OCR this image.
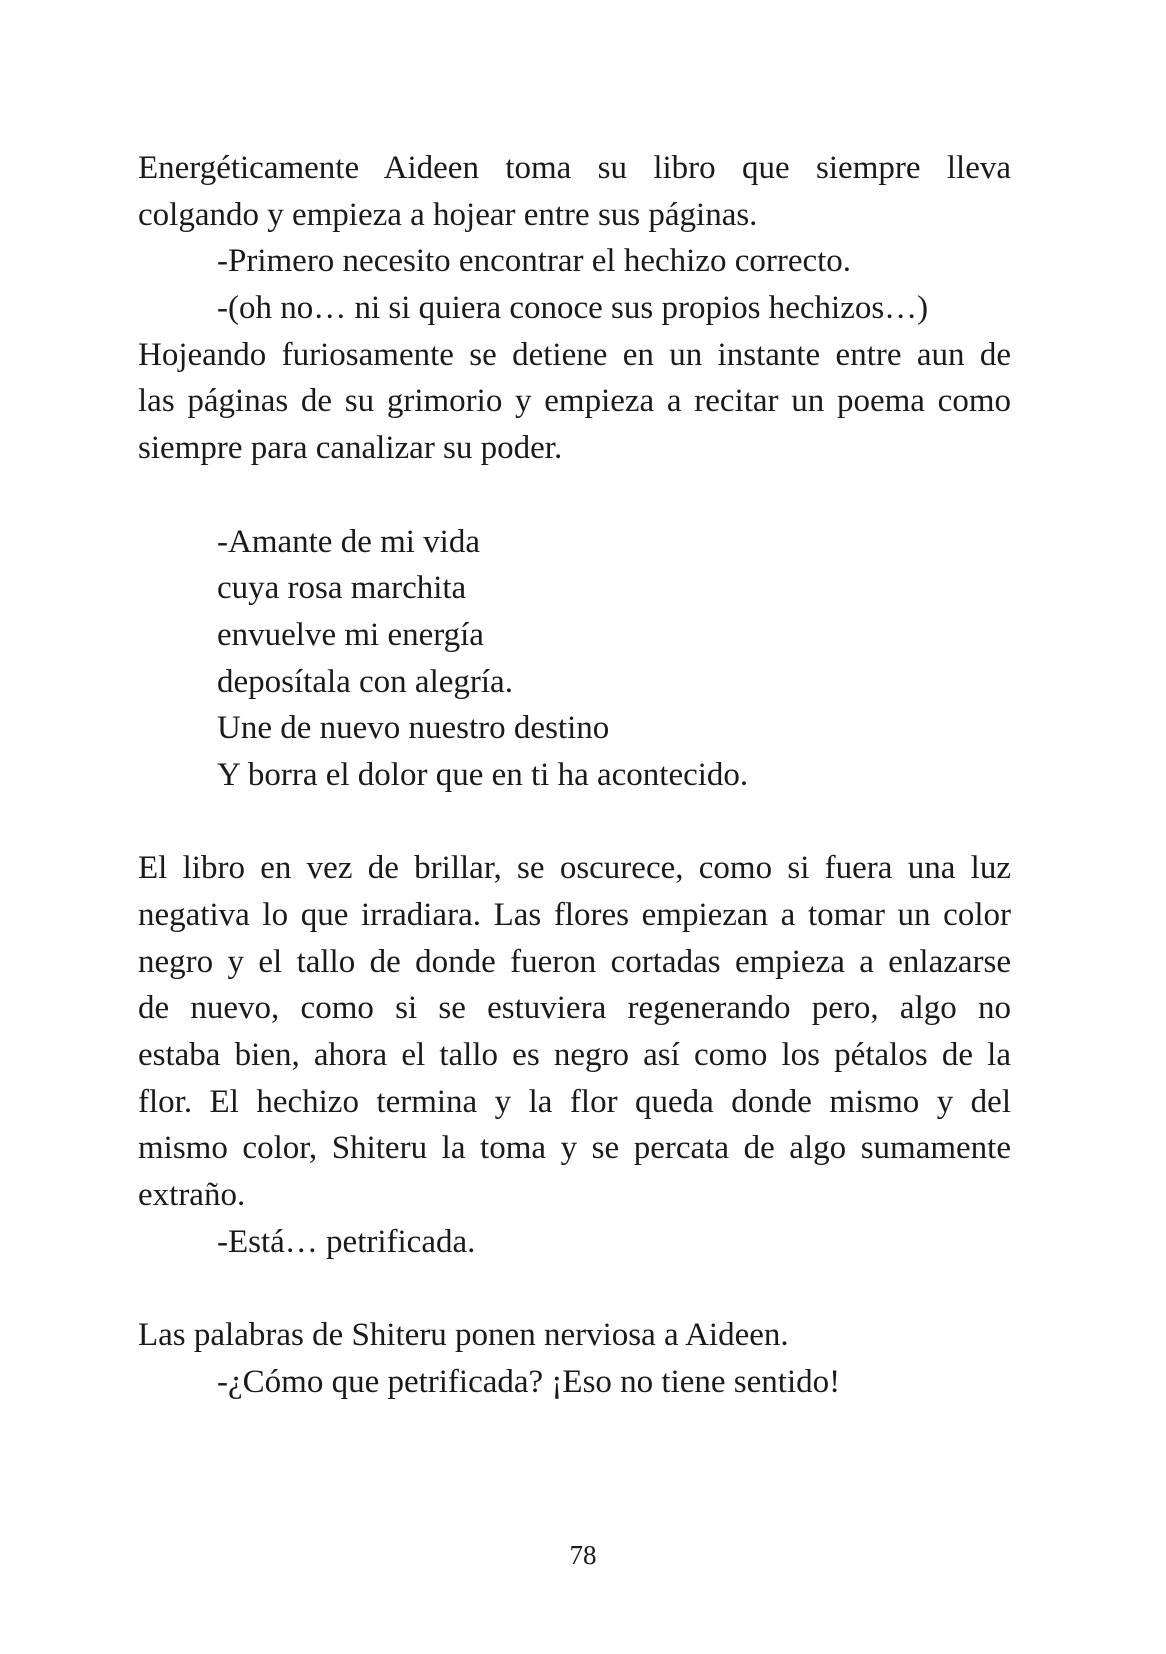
Energéticamente Aideen toma su libro que siempre lleva
colgando y empieza a hojear entre sus páginas.
-Primero necesito encontrar el hechizo correcto.
-(oh no… ni si quiera conoce sus propios hechizos…)
Hojeando furiosamente se detiene en un instante entre aun de
las páginas de su grimorio y empieza a recitar un poema como
siempre para canalizar su poder.
-Amante de mi vida
cuya rosa marchita
envuelve mi energía
deposítala con alegría.
Une de nuevo nuestro destino
Y borra el dolor que en ti ha acontecido.
El libro en vez de brillar, se oscurece, como si fuera una luz
negativa lo que irradiara. Las flores empiezan a tomar un color
negro y el tallo de donde fueron cortadas empieza a enlazarse
de nuevo, como si se estuviera regenerando pero, algo no
estaba bien, ahora el tallo es negro así como los pétalos de la
flor. El hechizo termina y la flor queda donde mismo y del
mismo color, Shiteru la toma y se percata de algo sumamente
extraño.
-Está… petrificada.
Las palabras de Shiteru ponen nerviosa a Aideen.
-¿Cómo que petrificada? ¡Eso no tiene sentido!
78
